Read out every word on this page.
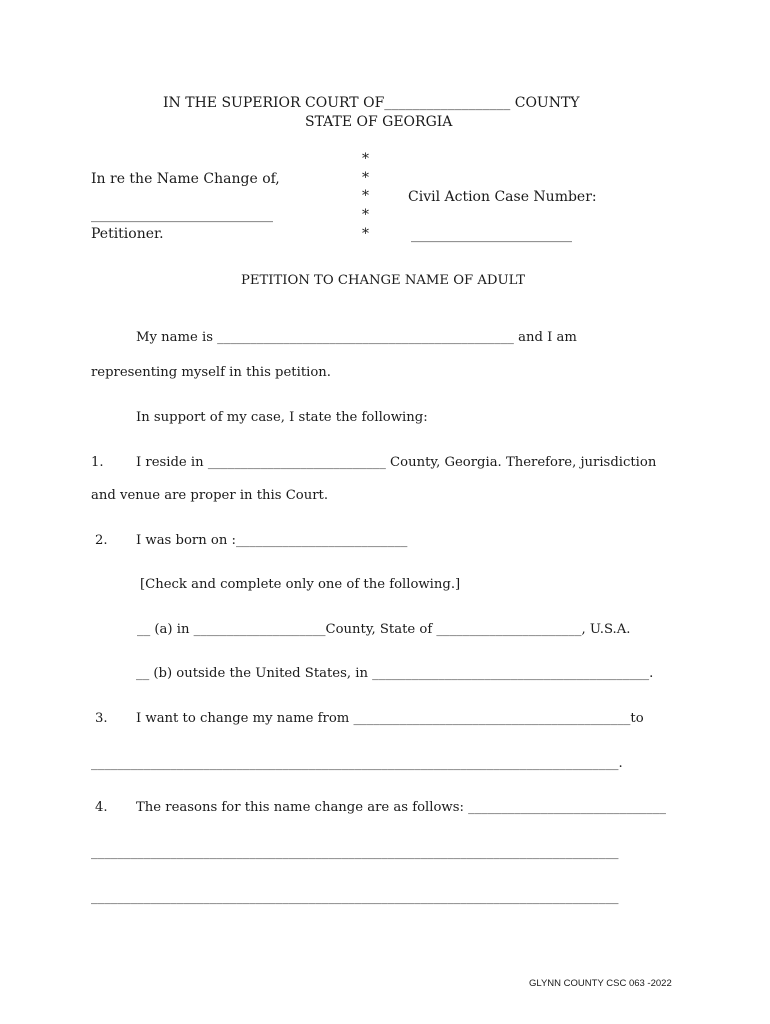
IN THE SUPERIOR COURT OF__________________ COUNTY
STATE OF GEORGIA
In re the Name Change of,
__________________________
Petitioner.
*
*
*
*
*
Civil Action Case Number:
_______________________
PETITION TO CHANGE NAME OF ADULT
My name is _____________________________________________ and I am
representing myself in this petition.
In support of my case, I state the following:
1. I reside in ___________________________ County, Georgia. Therefore, jurisdiction
and venue are proper in this Court.
2. I was born on :__________________________
[Check and complete only one of the following.]
__ (a) in ____________________County, State of ______________________, U.S.A.
__ (b) outside the United States, in __________________________________________.
3. I want to change my name from __________________________________________to
________________________________________________________________________________.
4. The reasons for this name change are as follows: ______________________________
________________________________________________________________________________
________________________________________________________________________________
GLYNN COUNTY CSC 063 -2022
